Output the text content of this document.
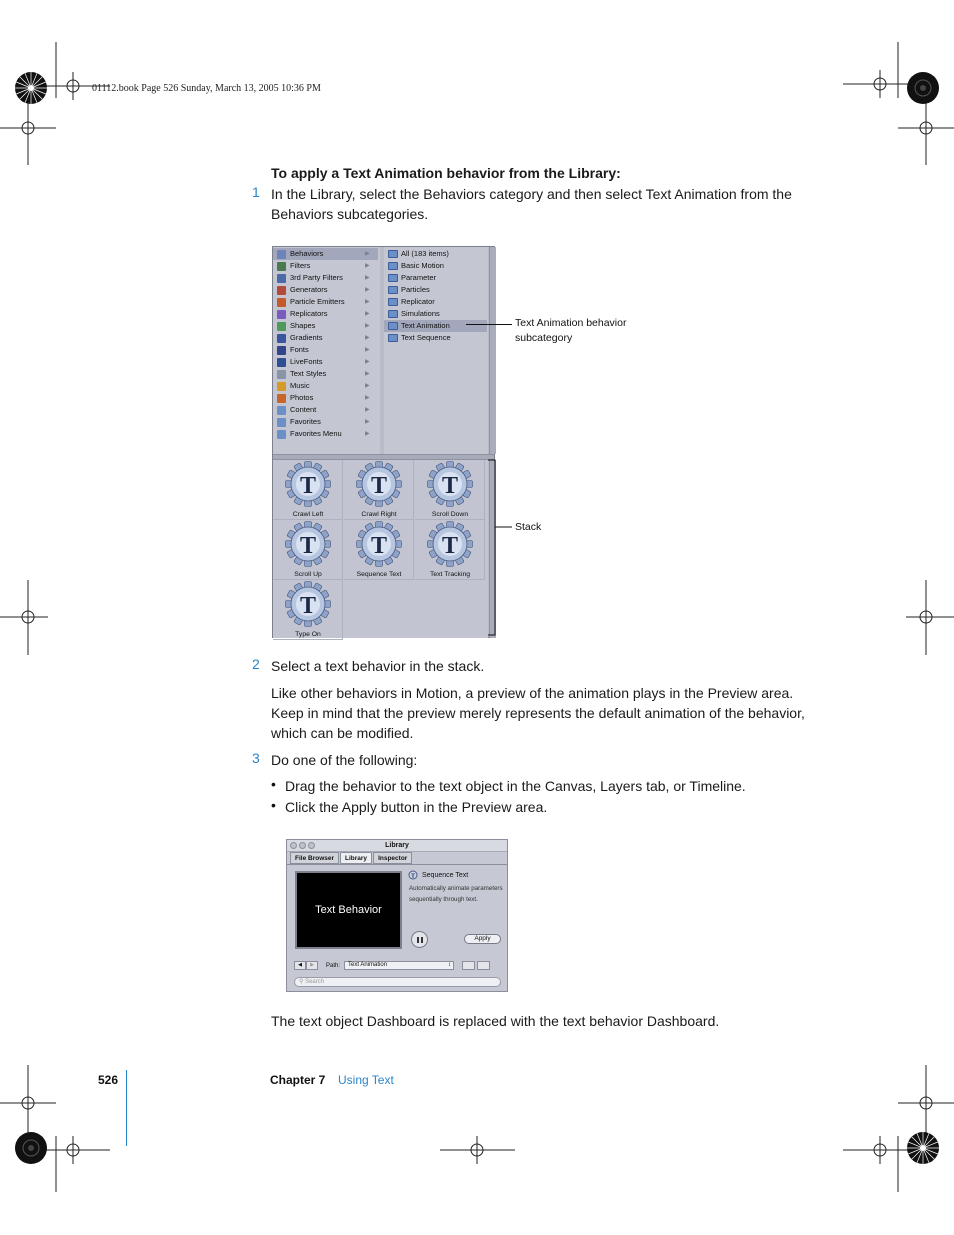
01112.book Page 526 Sunday, March 13, 2005 10:36 PM
To apply a Text Animation behavior from the Library:
1 In the Library, select the Behaviors category and then select Text Animation from the
Behaviors subcategories.
Behaviors	▶
Filters	▶
3rd Party Filters	▶
Generators	▶
Particle Emitters	▶
Replicators	▶
Shapes	▶
Gradients	▶
Fonts	▶
LiveFonts	▶
Text Styles	▶
Music	▶
Photos	▶
Content	▶
Favorites	▶
Favorites Menu	▶
All (183 items)
Basic Motion
Parameter
Particles
Replicator
Simulations
Text Animation
Text Sequence
T
Crawl Left
T
Crawl Right
T
Scroll Down
T
Scroll Up
T
Sequence Text
T
Text Tracking
T
Type On
Text Animation behavior
subcategory
Stack
2 Select a text behavior in the stack.
Like other behaviors in Motion, a preview of the animation plays in the Preview area.
Keep in mind that the preview merely represents the default animation of the behavior,
which can be modified.
3 Do one of the following:
• Drag the behavior to the text object in the Canvas, Layers tab, or Timeline.
• Click the Apply button in the Preview area.
Library
File Browser	Library	Inspector
Text Behavior
T Sequence Text
Automatically animate parameters sequentially through text.
Apply
◀	▶	Path:	Text Animation	↕
⚲ Search
The text object Dashboard is replaced with the text behavior Dashboard.
526	Chapter 7 Using Text
